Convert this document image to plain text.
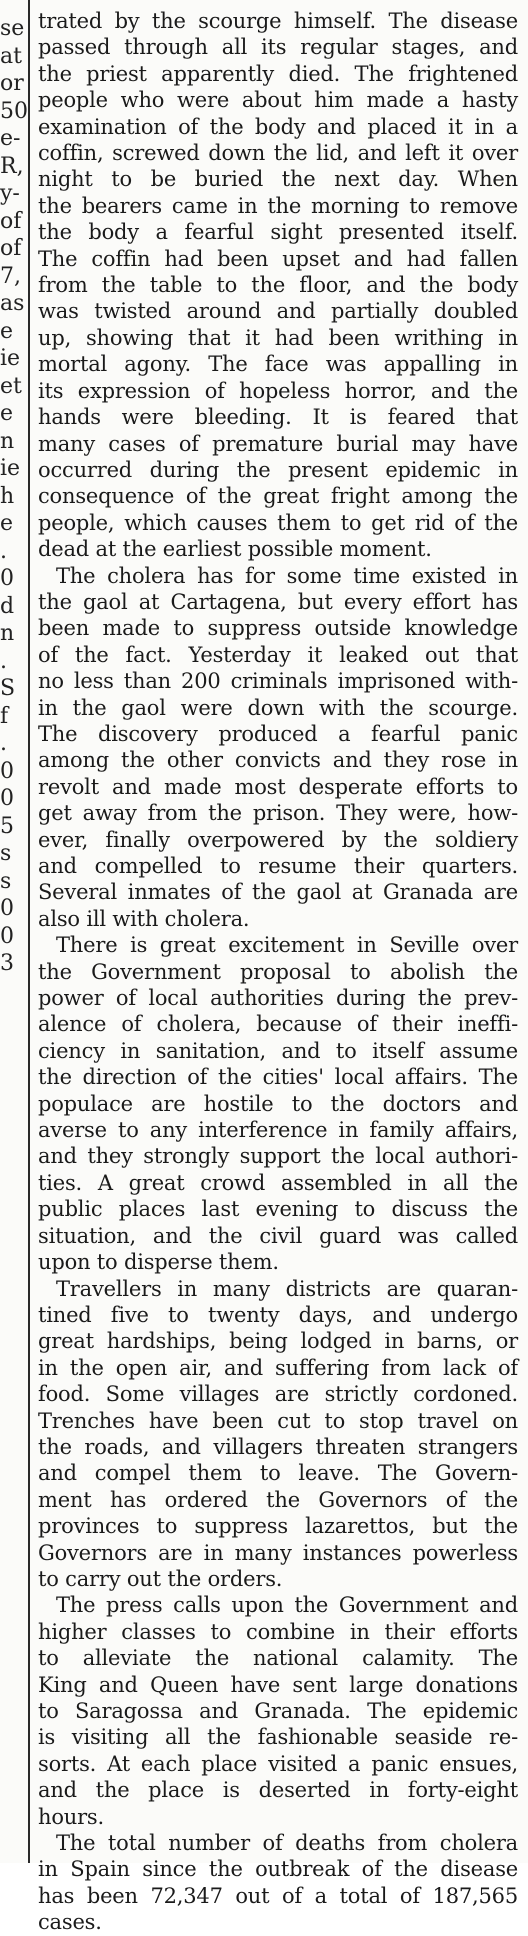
se
at
or
50
e-
R,
y-
of
of
7,
as
e
ie
et
e
n
ie
h
e
.
0
d
n
.
S
f
.
0
0
5
s
s
0
0
3

trated by the scourge himself. The disease
passed through all its regular stages, and
the priest apparently died. The frightened
people who were about him made a hasty
examination of the body and placed it in a
coffin, screwed down the lid, and left it over
night to be buried the next day. When
the bearers came in the morning to remove
the body a fearful sight presented itself.
The coffin had been upset and had fallen
from the table to the floor, and the body
was twisted around and partially doubled
up, showing that it had been writhing in
mortal agony. The face was appalling in
its expression of hopeless horror, and the
hands were bleeding. It is feared that
many cases of premature burial may have
occurred during the present epidemic in
consequence of the great fright among the
people, which causes them to get rid of the
dead at the earliest possible moment.

The cholera has for some time existed in
the gaol at Cartagena, but every effort has
been made to suppress outside knowledge
of the fact. Yesterday it leaked out that
no less than 200 criminals imprisoned with-
in the gaol were down with the scourge.
The discovery produced a fearful panic
among the other convicts and they rose in
revolt and made most desperate efforts to
get away from the prison. They were, how-
ever, finally overpowered by the soldiery
and compelled to resume their quarters.
Several inmates of the gaol at Granada are
also ill with cholera.

There is great excitement in Seville over
the Government proposal to abolish the
power of local authorities during the prev-
alence of cholera, because of their ineffi-
ciency in sanitation, and to itself assume
the direction of the cities' local affairs. The
populace are hostile to the doctors and
averse to any interference in family affairs,
and they strongly support the local authori-
ties. A great crowd assembled in all the
public places last evening to discuss the
situation, and the civil guard was called
upon to disperse them.

Travellers in many districts are quaran-
tined five to twenty days, and undergo
great hardships, being lodged in barns, or
in the open air, and suffering from lack of
food. Some villages are strictly cordoned.
Trenches have been cut to stop travel on
the roads, and villagers threaten strangers
and compel them to leave. The Govern-
ment has ordered the Governors of the
provinces to suppress lazarettos, but the
Governors are in many instances powerless
to carry out the orders.

The press calls upon the Government and
higher classes to combine in their efforts
to alleviate the national calamity. The
King and Queen have sent large donations
to Saragossa and Granada. The epidemic
is visiting all the fashionable seaside re-
sorts. At each place visited a panic ensues,
and the place is deserted in forty-eight
hours.

The total number of deaths from cholera
in Spain since the outbreak of the disease
has been 72,347 out of a total of 187,565
cases.
